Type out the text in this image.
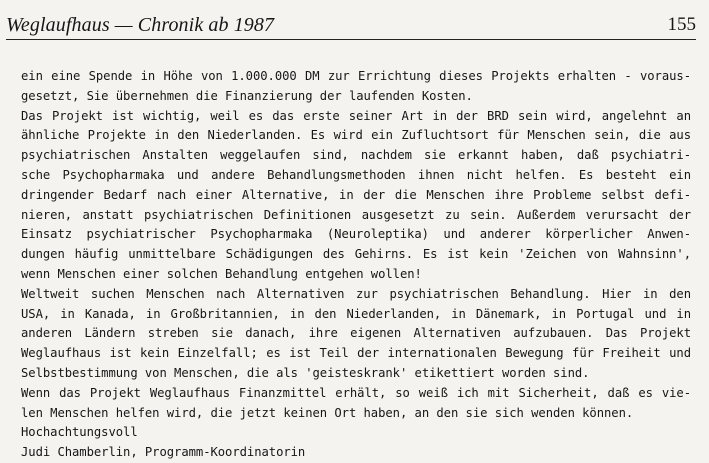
Weglaufhaus — Chronik ab 1987	155
ein eine Spende in Höhe von 1.000.000 DM zur Errichtung dieses Projekts erhalten - voraus-
gesetzt, Sie übernehmen die Finanzierung der laufenden Kosten.
Das Projekt ist wichtig, weil es das erste seiner Art in der BRD sein wird, angelehnt an
ähnliche Projekte in den Niederlanden. Es wird ein Zufluchtsort für Menschen sein, die aus
psychiatrischen Anstalten weggelaufen sind, nachdem sie erkannt haben, daß psychiatri-
sche Psychopharmaka und andere Behandlungsmethoden ihnen nicht helfen. Es besteht ein
dringender Bedarf nach einer Alternative, in der die Menschen ihre Probleme selbst defi-
nieren, anstatt psychiatrischen Definitionen ausgesetzt zu sein. Außerdem verursacht der
Einsatz psychiatrischer Psychopharmaka (Neuroleptika) und anderer körperlicher Anwen-
dungen häufig unmittelbare Schädigungen des Gehirns. Es ist kein 'Zeichen von Wahnsinn',
wenn Menschen einer solchen Behandlung entgehen wollen!
Weltweit suchen Menschen nach Alternativen zur psychiatrischen Behandlung. Hier in den
USA, in Kanada, in Großbritannien, in den Niederlanden, in Dänemark, in Portugal und in
anderen Ländern streben sie danach, ihre eigenen Alternativen aufzubauen. Das Projekt
Weglaufhaus ist kein Einzelfall; es ist Teil der internationalen Bewegung für Freiheit und
Selbstbestimmung von Menschen, die als 'geisteskrank' etikettiert worden sind.
Wenn das Projekt Weglaufhaus Finanzmittel erhält, so weiß ich mit Sicherheit, daß es vie-
len Menschen helfen wird, die jetzt keinen Ort haben, an den sie sich wenden können.
Hochachtungsvoll
Judi Chamberlin, Programm-Koordinatorin
